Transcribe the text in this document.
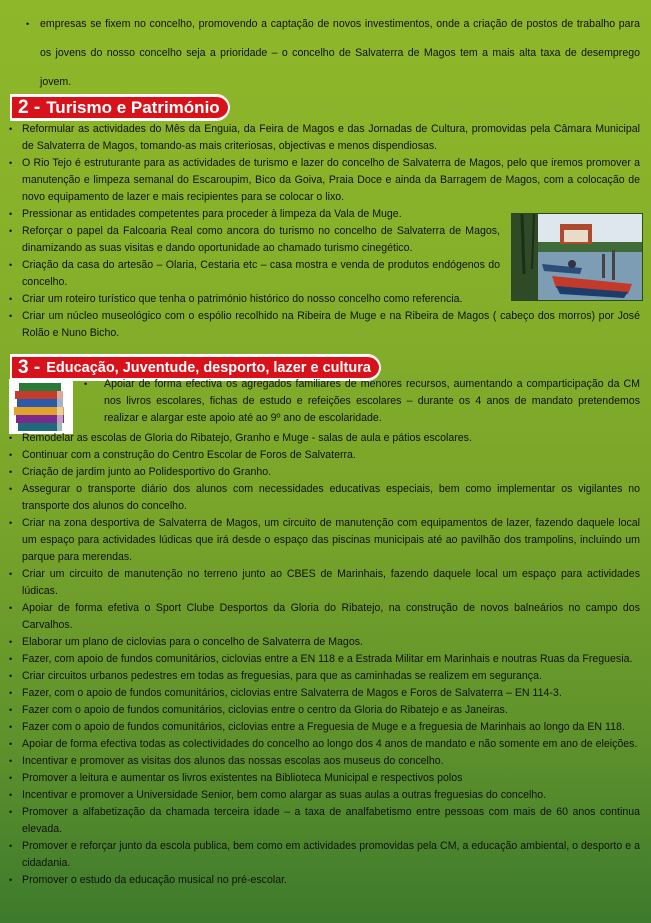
• empresas se fixem no concelho, promovendo a captação de novos investimentos, onde a criação de postos de trabalho para os jovens do nosso concelho seja a prioridade – o concelho de Salvaterra de Magos tem a mais alta taxa de desemprego jovem.
2 - Turismo e Património
• Reformular as actividades do Mês da Enguia, da Feira de Magos e das Jornadas de Cultura, promovidas pela Câmara Municipal de Salvaterra de Magos, tomando-as mais criteriosas, objectivas e menos dispendiosas.
• O Rio Tejo é estruturante para as actividades de turismo e lazer do concelho de Salvaterra de Magos, pelo que iremos promover a manutenção e limpeza semanal do Escaroupim, Bico da Goiva, Praia Doce e ainda da Barragem de Magos, com a colocação de novo equipamento de lazer e mais recipientes para se colocar o lixo.
• Pressionar as entidades competentes para proceder à limpeza da Vala de Muge.
• Reforçar o papel da Falcoaria Real como ancora do turismo no concelho de Salvaterra de Magos, dinamizando as suas visitas e dando oportunidade ao chamado turismo cinegético.
• Criação da casa do artesão – Olaria, Cestaria etc – casa mostra e venda de produtos endógenos do concelho.
• Criar um roteiro turístico que tenha o património histórico do nosso concelho como referencia.
• Criar um núcleo museológico com o espólio recolhido na Ribeira de Muge e na Ribeira de Magos ( cabeço dos morros) por José Rolão e Nuno Bicho.
3 - Educação, Juventude, desporto, lazer e cultura
• Apoiar de forma efectiva os agregados familiares de menores recursos, aumentando a comparticipação da CM nos livros escolares, fichas de estudo e refeições escolares – durante os 4 anos de mandato pretendemos realizar e alargar este apoio até ao 9º ano de escolaridade.
• Remodelar as escolas de Gloria do Ribatejo, Granho e Muge - salas de aula e pátios escolares.
• Continuar com a construção do Centro Escolar de Foros de Salvaterra.
• Criação de jardim junto ao Polidesportivo do Granho.
• Assegurar o transporte diário dos alunos com necessidades educativas especiais, bem como implementar os vigilantes no transporte dos alunos do concelho.
• Criar na zona desportiva de Salvaterra de Magos, um circuito de manutenção com equipamentos de lazer, fazendo daquele local um espaço para actividades lúdicas que irá desde o espaço das piscinas municipais até ao pavilhão dos trampolins, incluindo um parque para merendas.
• Criar um circuito de manutenção no terreno junto ao CBES de Marinhais, fazendo daquele local um espaço para actividades lúdicas.
• Apoiar de forma efetiva o Sport Clube Desportos da Gloria do Ribatejo, na construção de novos balneários no campo dos Carvalhos.
• Elaborar um plano de ciclovias para o concelho de Salvaterra de Magos.
• Fazer, com apoio de fundos comunitários, ciclovias entre a EN 118 e a Estrada Militar em Marinhais e noutras Ruas da Freguesia.
• Criar circuitos urbanos pedestres em todas as freguesias, para que as caminhadas se realizem em segurança.
• Fazer, com o apoio de fundos comunitários, ciclovias entre Salvaterra de Magos e Foros de Salvaterra – EN 114-3.
• Fazer com o apoio de fundos comunitários, ciclovias entre o centro da Gloria do Ribatejo e as Janeiras.
• Fazer com o apoio de fundos comunitários, ciclovias entre a Freguesia de Muge e a freguesia de Marinhais ao longo da EN 118.
• Apoiar de forma efectiva todas as colectividades do concelho ao longo dos 4 anos de mandato e não somente em ano de eleições.
• Incentivar e promover as visitas dos alunos das nossas escolas aos museus do concelho.
• Promover a leitura e aumentar os livros existentes na Biblioteca Municipal e respectivos polos
• Incentivar e promover a Universidade Senior, bem como alargar as suas aulas a outras freguesias do concelho.
• Promover a alfabetização da chamada terceira idade – a taxa de analfabetismo entre pessoas com mais de 60 anos continua elevada.
• Promover e reforçar junto da escola publica, bem como em actividades promovidas pela CM, a educação ambiental, o desporto e a cidadania.
• Promover o estudo da educação musical no pré-escolar.
